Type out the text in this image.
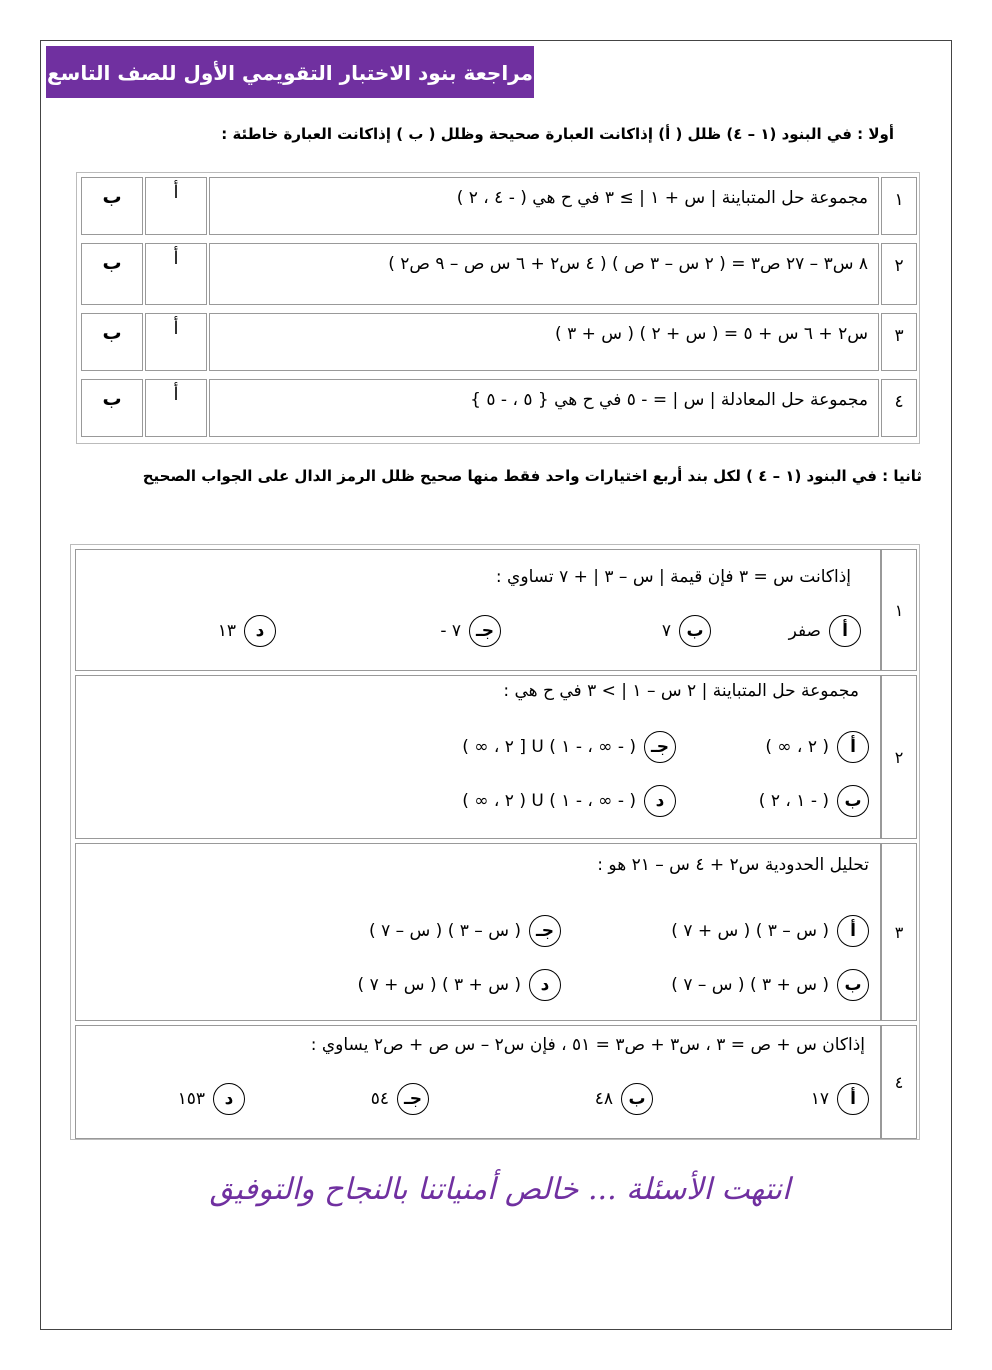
مراجعة بنود الاختبار التقويمي الأول للصف التاسع
أولا : في البنود (١ – ٤) ظلل ( أ) إذاكانت العبارة صحيحة وظلل ( ب ) إذاكانت العبارة خاطئة :
١
مجموعة حل المتباينة | س + ١ | ≥ ٣ في ح هي ( - ٤ ، ٢ )
أ
ب
٢
٨ س٣ – ٢٧ ص٣ = ( ٢ س – ٣ ص ) ( ٤ س٢ + ٦ س ص – ٩ ص٢ )
أ
ب
٣
س٢ + ٦ س + ٥ = ( س + ٢ ) ( س + ٣ )
أ
ب
٤
مجموعة حل المعادلة | س | = - ٥ في ح هي { ٥ ، - ٥ }
أ
ب
ثانيا : في البنود (١ – ٤ ) لكل بند أربع اختيارات واحد فقط منها صحيح ظلل الرمز الدال على الجواب الصحيح
١
إذاكانت س = ٣ فإن قيمة | س – ٣ | + ٧ تساوي :
أ
صفر
ب
٧
جـ
٧ -
د
١٣
٢
مجموعة حل المتباينة | ٢ س – ١ | > ٣ في ح هي :
أ
( ٢ ، ∞ )
جـ
( - ∞ ، - ١ ) U [ ٢ ، ∞ )
ب
( - ١ ، ٢ )
د
( - ∞ ، - ١ ) U ( ٢ ، ∞ )
٣
تحليل الحدودية س٢ + ٤ س – ٢١ هو :
أ
( س – ٣ ) ( س + ٧ )
جـ
( س – ٣ ) ( س – ٧ )
ب
( س + ٣ ) ( س – ٧ )
د
( س + ٣ ) ( س + ٧ )
٤
إذاكان س + ص = ٣ ، س٣ + ص٣ = ٥١ ، فإن س٢ – س ص + ص٢ يساوي :
أ
١٧
ب
٤٨
جـ
٥٤
د
١٥٣
انتهت الأسئلة ... خالص أمنياتنا بالنجاح والتوفيق
